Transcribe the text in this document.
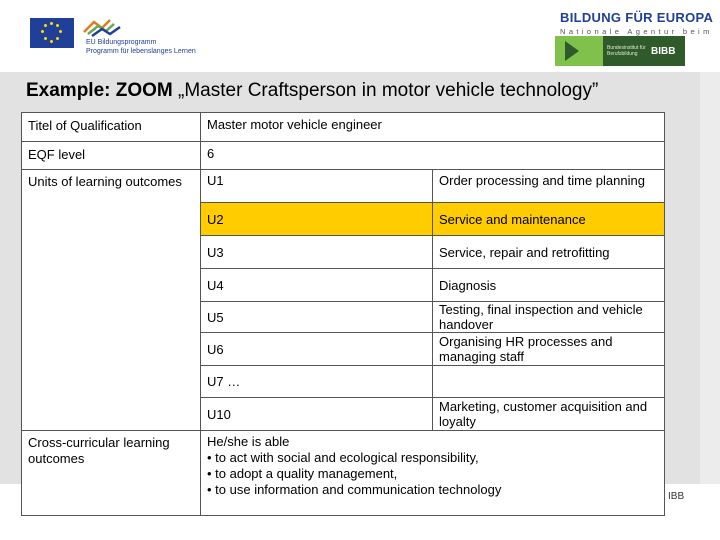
EU Bildungsprogramm
Programm für lebenslanges Lernen
BILDUNG FÜR EUROPA
Nationale Agentur beim
Bundesinstitut für
Berufsbildung	BIBB
Example: ZOOM „Master Craftsperson in motor vehicle technology”
Titel of Qualification	Master motor vehicle engineer	
EQF level	6	
Units of learning outcomes	U1	Order processing and time planning
	U2	Service and maintenance
	U3	Service, repair and retrofitting
	U4	Diagnosis
	U5	Testing, final inspection and vehicle handover
	U6	Organising HR processes and managing staff
	U7 …	
	U10	Marketing, customer acquisition and loyalty
Cross-curricular learning outcomes	He/she is able
• to act with social and ecological responsibility,
• to adopt a quality management,
• to use information and communication technology		IBB
